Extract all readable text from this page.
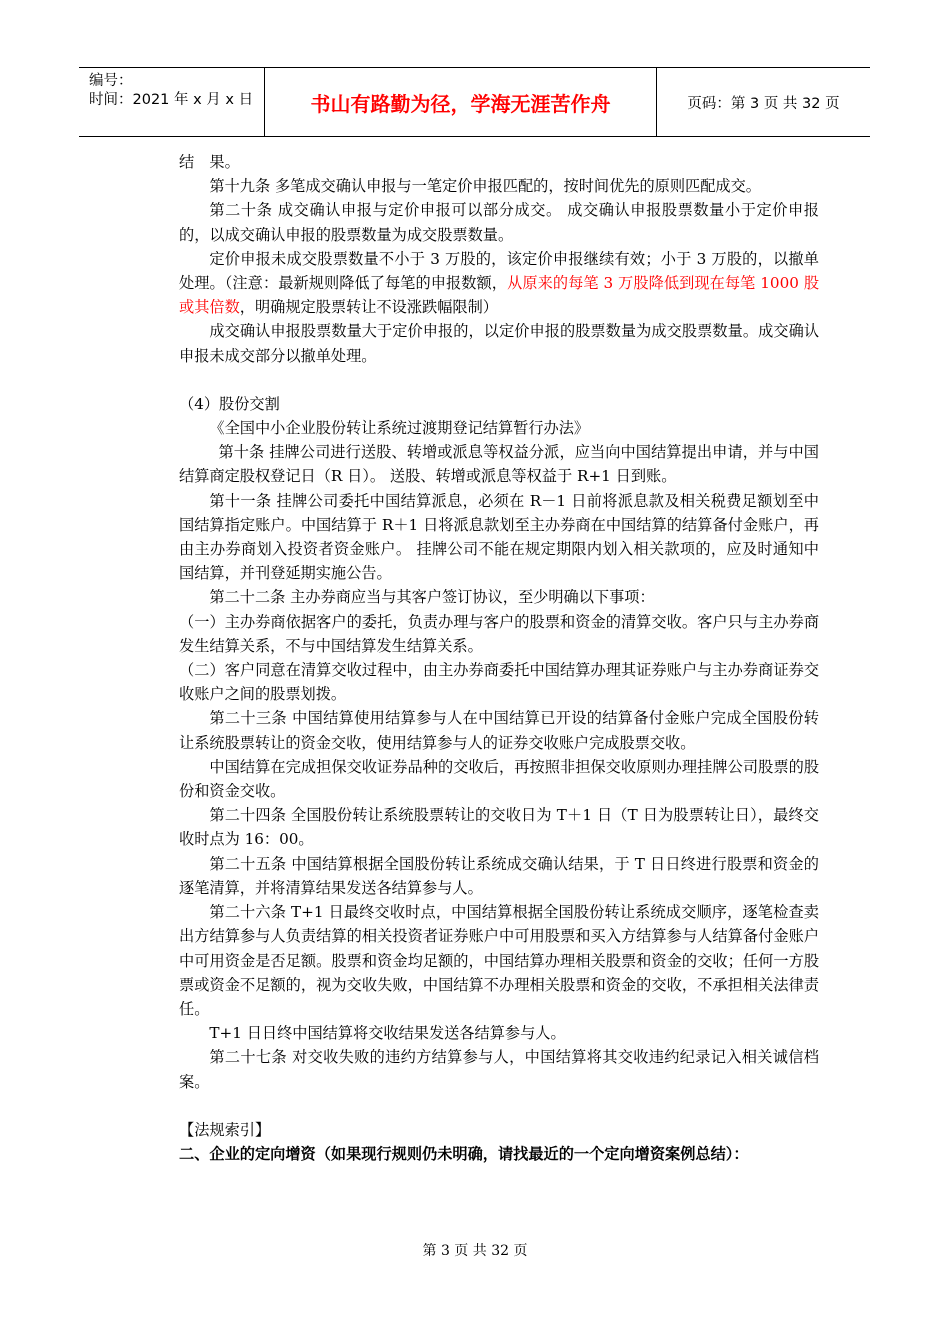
编号：
时间：2021 年 x 月 x 日	书山有路勤为径，学海无涯苦作舟	页码：第 3 页 共 32 页

结　果。

第十九条 多笔成交确认申报与一笔定价申报匹配的，按时间优先的原则匹配成交。

第二十条 成交确认申报与定价申报可以部分成交。 成交确认申报股票数量小于定价申报的，以成交确认申报的股票数量为成交股票数量。

定价申报未成交股票数量不小于 3 万股的，该定价申报继续有效；小于 3 万股的，以撤单处理。（注意：最新规则降低了每笔的申报数额，从原来的每笔 3 万股降低到现在每笔 1000 股或其倍数，明确规定股票转让不设涨跌幅限制）

成交确认申报股票数量大于定价申报的，以定价申报的股票数量为成交股票数量。成交确认申报未成交部分以撤单处理。

（4）股份交割

《全国中小企业股份转让系统过渡期登记结算暂行办法》

第十条 挂牌公司进行送股、转增或派息等权益分派，应当向中国结算提出申请，并与中国结算商定股权登记日（R 日）。 送股、转增或派息等权益于 R+1 日到账。

第十一条 挂牌公司委托中国结算派息，必须在 R－1 日前将派息款及相关税费足额划至中国结算指定账户。中国结算于 R＋1 日将派息款划至主办券商在中国结算的结算备付金账户，再由主办券商划入投资者资金账户。 挂牌公司不能在规定期限内划入相关款项的，应及时通知中国结算，并刊登延期实施公告。

第二十二条 主办券商应当与其客户签订协议，至少明确以下事项：

（一）主办券商依据客户的委托，负责办理与客户的股票和资金的清算交收。客户只与主办券商发生结算关系，不与中国结算发生结算关系。

（二）客户同意在清算交收过程中，由主办券商委托中国结算办理其证券账户与主办券商证券交收账户之间的股票划拨。

第二十三条 中国结算使用结算参与人在中国结算已开设的结算备付金账户完成全国股份转让系统股票转让的资金交收，使用结算参与人的证券交收账户完成股票交收。

中国结算在完成担保交收证券品种的交收后，再按照非担保交收原则办理挂牌公司股票的股份和资金交收。

第二十四条 全国股份转让系统股票转让的交收日为 T＋1 日（T 日为股票转让日），最终交收时点为 16：00。

第二十五条 中国结算根据全国股份转让系统成交确认结果，于 T 日日终进行股票和资金的逐笔清算，并将清算结果发送各结算参与人。

第二十六条 T+1 日最终交收时点，中国结算根据全国股份转让系统成交顺序，逐笔检查卖出方结算参与人负责结算的相关投资者证券账户中可用股票和买入方结算参与人结算备付金账户中可用资金是否足额。股票和资金均足额的，中国结算办理相关股票和资金的交收；任何一方股票或资金不足额的，视为交收失败，中国结算不办理相关股票和资金的交收，不承担相关法律责任。

T+1 日日终中国结算将交收结果发送各结算参与人。

第二十七条 对交收失败的违约方结算参与人，中国结算将其交收违约纪录记入相关诚信档案。

【法规索引】

二、企业的定向增资（如果现行规则仍未明确，请找最近的一个定向增资案例总结）：

第 3 页 共 32 页
